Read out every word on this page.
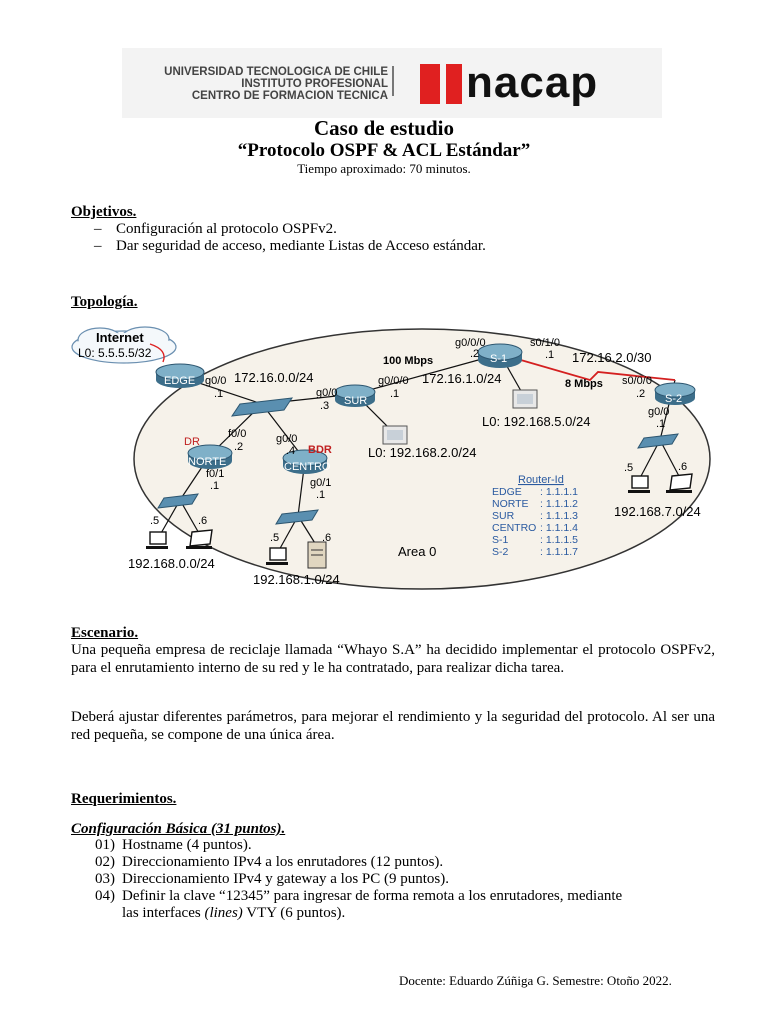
UNIVERSIDAD TECNOLOGICA DE CHILE
INSTITUTO PROFESIONAL
CENTRO DE FORMACION TECNICA nacap
Caso de estudio
“Protocolo OSPF & ACL Estándar”
Tiempo aproximado: 70 minutos.
Objetivos.
– Configuración al protocolo OSPFv2.
– Dar seguridad de acceso, mediante Listas de Acceso estándar.
Topología.
Area 0
Internet
L0: 5.5.5.5/32
EDGE
SUR
S-1
S-2
NORTE	CENTRO
DR
BDR
172.16.0.0/24	172.16.1.0/24
172.16.2.0/30
L0: 192.168.5.0/24
L0: 192.168.2.0/24
192.168.0.0/24
192.168.1.0/24
192.168.7.0/24
100 Mbps
8 Mbps
g0/0
.1	g0/0
.3
g0/0/0
.1
g0/0/0
.2
s0/1/0
.1
s0/0/0
.2
g0/0
.1
f0/0
.2
f0/1
.1
g0/0
.4
g0/1
.1
.5	.6
.5	.6
.5	.6
Router-Id
EDGE : 1.1.1.1
NORTE : 1.1.1.2
SUR : 1.1.1.3
CENTRO : 1.1.1.4
S-1	: 1.1.1.5
S-2	: 1.1.1.7
Escenario.
Una pequeña empresa de reciclaje llamada “Whayo S.A” ha decidido implementar el protocolo OSPFv2, para el enrutamiento interno de su red y le ha contratado, para realizar dicha tarea.
Deberá ajustar diferentes parámetros, para mejorar el rendimiento y la seguridad del protocolo. Al ser una red pequeña, se compone de una única área.
Requerimientos.
Configuración Básica (31 puntos).
01) Hostname (4 puntos).
02) Direccionamiento IPv4 a los enrutadores (12 puntos).
03) Direccionamiento IPv4 y gateway a los PC (9 puntos).
04) Definir la clave “12345” para ingresar de forma remota a los enrutadores, mediante
las interfaces (lines) VTY (6 puntos).
Docente: Eduardo Zúñiga G. Semestre: Otoño 2022.
